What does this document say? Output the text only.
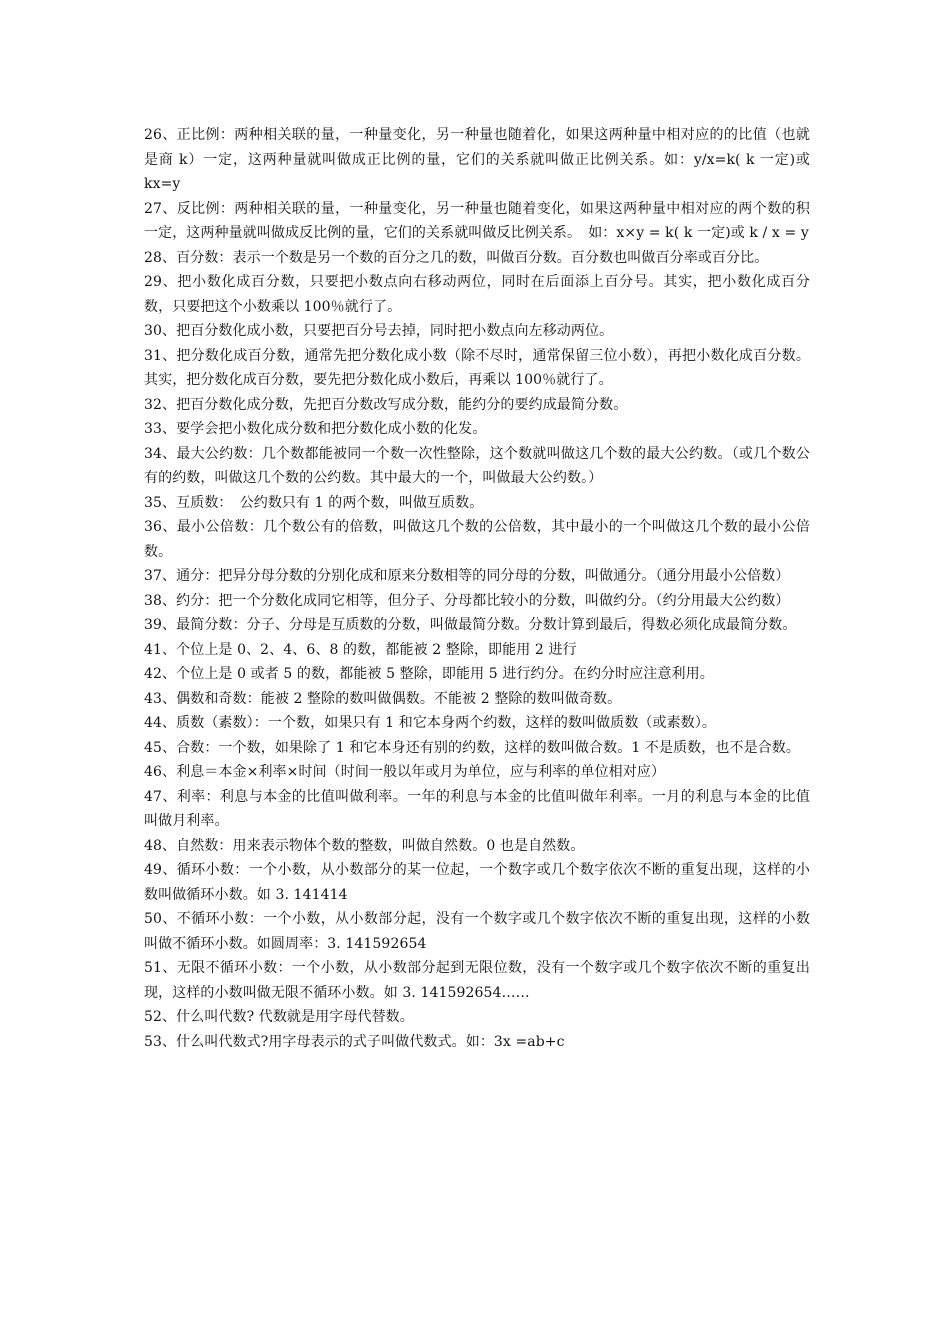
26、正比例：两种相关联的量，一种量变化，另一种量也随着化，如果这两种量中相对应的的比值（也就是商 k）一定，这两种量就叫做成正比例的量，它们的关系就叫做正比例关系。如：y/x=k( k 一定)或 kx=y

27、反比例：两种相关联的量，一种量变化，另一种量也随着变化，如果这两种量中相对应的两个数的积一定，这两种量就叫做成反比例的量，它们的关系就叫做反比例关系。　如：x×y = k( k 一定)或 k / x = y

28、百分数：表示一个数是另一个数的百分之几的数，叫做百分数。百分数也叫做百分率或百分比。

29、把小数化成百分数，只要把小数点向右移动两位，同时在后面添上百分号。其实，把小数化成百分数，只要把这个小数乘以 100％就行了。

30、把百分数化成小数，只要把百分号去掉，同时把小数点向左移动两位。

31、把分数化成百分数，通常先把分数化成小数（除不尽时，通常保留三位小数），再把小数化成百分数。其实，把分数化成百分数，要先把分数化成小数后，再乘以 100％就行了。

32、把百分数化成分数，先把百分数改写成分数，能约分的要约成最简分数。

33、要学会把小数化成分数和把分数化成小数的化发。

34、最大公约数：几个数都能被同一个数一次性整除，这个数就叫做这几个数的最大公约数。（或几个数公有的约数，叫做这几个数的公约数。其中最大的一个，叫做最大公约数。）

35、互质数：　公约数只有 1 的两个数，叫做互质数。

36、最小公倍数：几个数公有的倍数，叫做这几个数的公倍数，其中最小的一个叫做这几个数的最小公倍数。

37、通分：把异分母分数的分别化成和原来分数相等的同分母的分数，叫做通分。（通分用最小公倍数）

38、约分：把一个分数化成同它相等，但分子、分母都比较小的分数，叫做约分。（约分用最大公约数）

39、最简分数：分子、分母是互质数的分数，叫做最简分数。分数计算到最后，得数必须化成最简分数。

41、个位上是 0、2、4、6、8 的数，都能被 2 整除，即能用 2 进行

42、个位上是 0 或者 5 的数，都能被 5 整除，即能用 5 进行约分。在约分时应注意利用。

43、偶数和奇数：能被 2 整除的数叫做偶数。不能被 2 整除的数叫做奇数。

44、质数（素数）：一个数，如果只有 1 和它本身两个约数，这样的数叫做质数（或素数）。

45、合数：一个数，如果除了 1 和它本身还有别的约数，这样的数叫做合数。1 不是质数，也不是合数。

46、利息＝本金×利率×时间（时间一般以年或月为单位，应与利率的单位相对应）

47、利率：利息与本金的比值叫做利率。一年的利息与本金的比值叫做年利率。一月的利息与本金的比值叫做月利率。

48、自然数：用来表示物体个数的整数，叫做自然数。0 也是自然数。

49、循环小数：一个小数，从小数部分的某一位起，一个数字或几个数字依次不断的重复出现，这样的小数叫做循环小数。如 3. 141414

50、不循环小数：一个小数，从小数部分起，没有一个数字或几个数字依次不断的重复出现，这样的小数叫做不循环小数。如圆周率：3. 141592654

51、无限不循环小数：一个小数，从小数部分起到无限位数，没有一个数字或几个数字依次不断的重复出现，这样的小数叫做无限不循环小数。如 3. 141592654……

52、什么叫代数? 代数就是用字母代替数。

53、什么叫代数式?用字母表示的式子叫做代数式。如：3x =ab+c
